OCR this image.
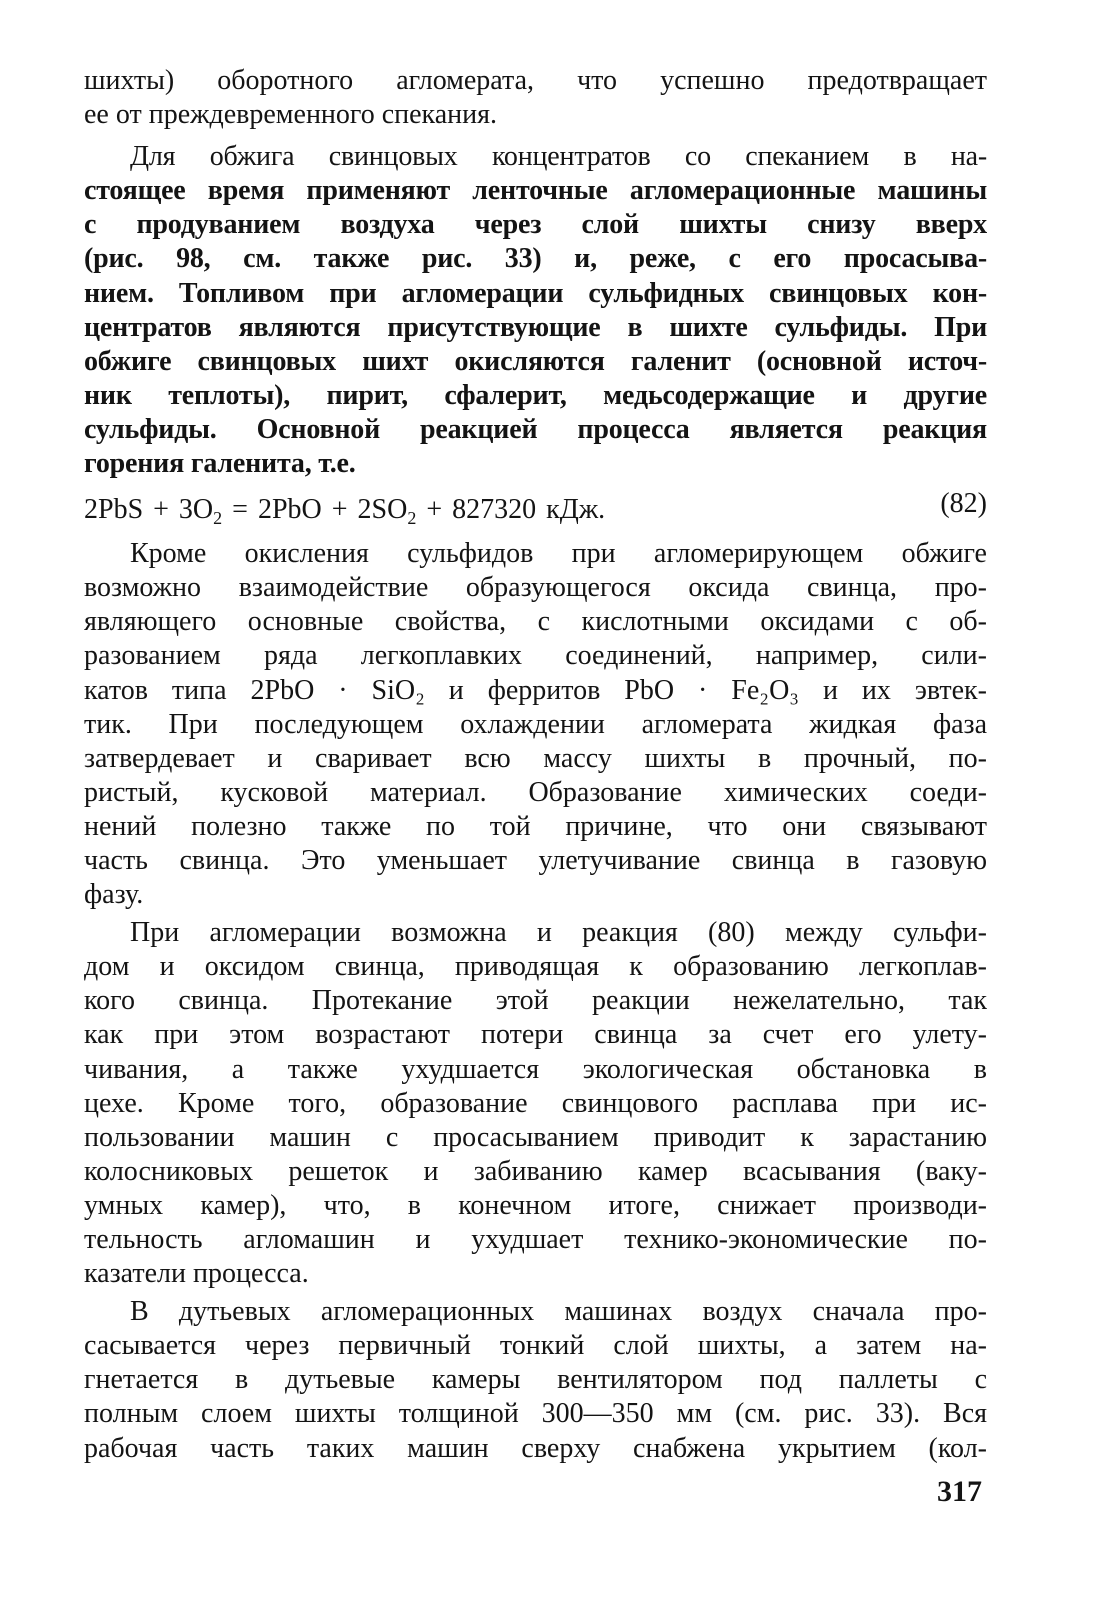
шихты) оборотного агломерата, что успешно предотвращает
ее от преждевременного спекания.
Для обжига свинцовых концентратов со спеканием в на-
стоящее время применяют ленточные агломерационные машины
с продуванием воздуха через слой шихты снизу вверх
(рис. 98, см. также рис. 33) и, реже, с его просасыва-
нием. Топливом при агломерации сульфидных свинцовых кон-
центратов являются присутствующие в шихте сульфиды. При
обжиге свинцовых шихт окисляются галенит (основной источ-
ник теплоты), пирит, сфалерит, медьсодержащие и другие
сульфиды. Основной реакцией процесса является реакция
горения галенита, т.е.
$2PbS + 3O_2 = 2PbO + 2SO_2 + 827320$ кДж.	(82)
Кроме окисления сульфидов при агломерирующем обжиге
возможно взаимодействие образующегося оксида свинца, про-
являющего основные свойства, с кислотными оксидами с об-
разованием ряда легкоплавких соединений, например, сили-
катов типа 2PbO · SiO₂ и ферритов PbO · Fe₂O₃ и их эвтек-
тик. При последующем охлаждении агломерата жидкая фаза
затвердевает и сваривает всю массу шихты в прочный, по-
ристый, кусковой материал. Образование химических соеди-
нений полезно также по той причине, что они связывают
часть свинца. Это уменьшает улетучивание свинца в газовую
фазу.
При агломерации возможна и реакция (80) между сульфи-
дом и оксидом свинца, приводящая к образованию легкоплав-
кого свинца. Протекание этой реакции нежелательно, так
как при этом возрастают потери свинца за счет его улету-
чивания, а также ухудшается экологическая обстановка в
цехе. Кроме того, образование свинцового расплава при ис-
пользовании машин с просасыванием приводит к зарастанию
колосниковых решеток и забиванию камер всасывания (ваку-
умных камер), что, в конечном итоге, снижает производи-
тельность агломашин и ухудшает технико-экономические по-
казатели процесса.
В дутьевых агломерационных машинах воздух сначала про-
сасывается через первичный тонкий слой шихты, а затем на-
гнетается в дутьевые камеры вентилятором под паллеты с
полным слоем шихты толщиной 300—350 мм (см. рис. 33). Вся
рабочая часть таких машин сверху снабжена укрытием (кол-
317
